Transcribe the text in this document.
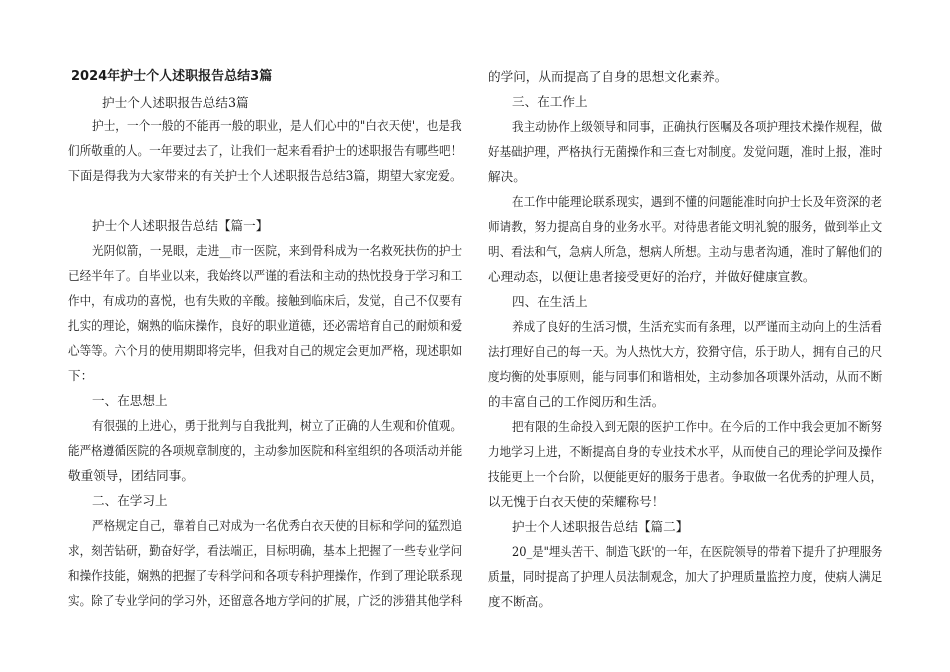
2024年护士个人述职报告总结3篇
护士个人述职报告总结3篇
护士，一个一般的不能再一般的职业，是人们心中的"白衣天使'，也是我
们所敬重的人。一年要过去了，让我们一起来看看护士的述职报告有哪些吧！
下面是得我为大家带来的有关护士个人述职报告总结3篇，期望大家宠爱。
护士个人述职报告总结【篇一】
光阴似箭，一晃眼，走进__市一医院，来到骨科成为一名救死扶伤的护士
已经半年了。自毕业以来，我始终以严谨的看法和主动的热忱投身于学习和工
作中，有成功的喜悦，也有失败的辛酸。接触到临床后，发觉，自己不仅要有
扎实的理论，娴熟的临床操作，良好的职业道德，还必需培育自己的耐烦和爱
心等等。六个月的使用期即将完毕，但我对自己的规定会更加严格，现述职如
下：
一、在思想上
有很强的上进心，勇于批判与自我批判，树立了正确的人生观和价值观。
能严格遵循医院的各项规章制度的，主动参加医院和科室组织的各项活动并能
敬重领导，团结同事。
二、在学习上
严格规定自己，靠着自己对成为一名优秀白衣天使的目标和学问的猛烈追
求，刻苦钻研，勤奋好学，看法端正，目标明确，基本上把握了一些专业学问
和操作技能，娴熟的把握了专科学问和各项专科护理操作，作到了理论联系现
实。除了专业学问的学习外，还留意各地方学问的扩展，广泛的涉猎其他学科
的学问，从而提高了自身的思想文化素养。
三、在工作上
我主动协作上级领导和同事，正确执行医嘱及各项护理技术操作规程，做
好基础护理，严格执行无菌操作和三查七对制度。发觉问题，准时上报，准时
解决。
在工作中能理论联系现实，遇到不懂的问题能准时向护士长及年资深的老
师请教，努力提高自身的业务水平。对待患者能文明礼貌的服务，做到举止文
明、看法和气，急病人所急，想病人所想。主动与患者沟通，准时了解他们的
心理动态，以便让患者接受更好的治疗，并做好健康宣教。
四、在生活上
养成了良好的生活习惯，生活充实而有条理，以严谨而主动向上的生活看
法打理好自己的每一天。为人热忱大方，狡猾守信，乐于助人，拥有自己的尺
度均衡的处事原则，能与同事们和谐相处，主动参加各项课外活动，从而不断
的丰富自己的工作阅历和生活。
把有限的生命投入到无限的医护工作中。在今后的工作中我会更加不断努
力地学习上进，不断提高自身的专业技术水平，从而使自己的理论学问及操作
技能更上一个台阶，以便能更好的服务于患者。争取做一名优秀的护理人员，
以无愧于白衣天使的荣耀称号！
护士个人述职报告总结【篇二】
20_是"埋头苦干、制造飞跃'的一年，在医院领导的带着下提升了护理服务
质量，同时提高了护理人员法制观念，加大了护理质量监控力度，使病人满足
度不断高。
